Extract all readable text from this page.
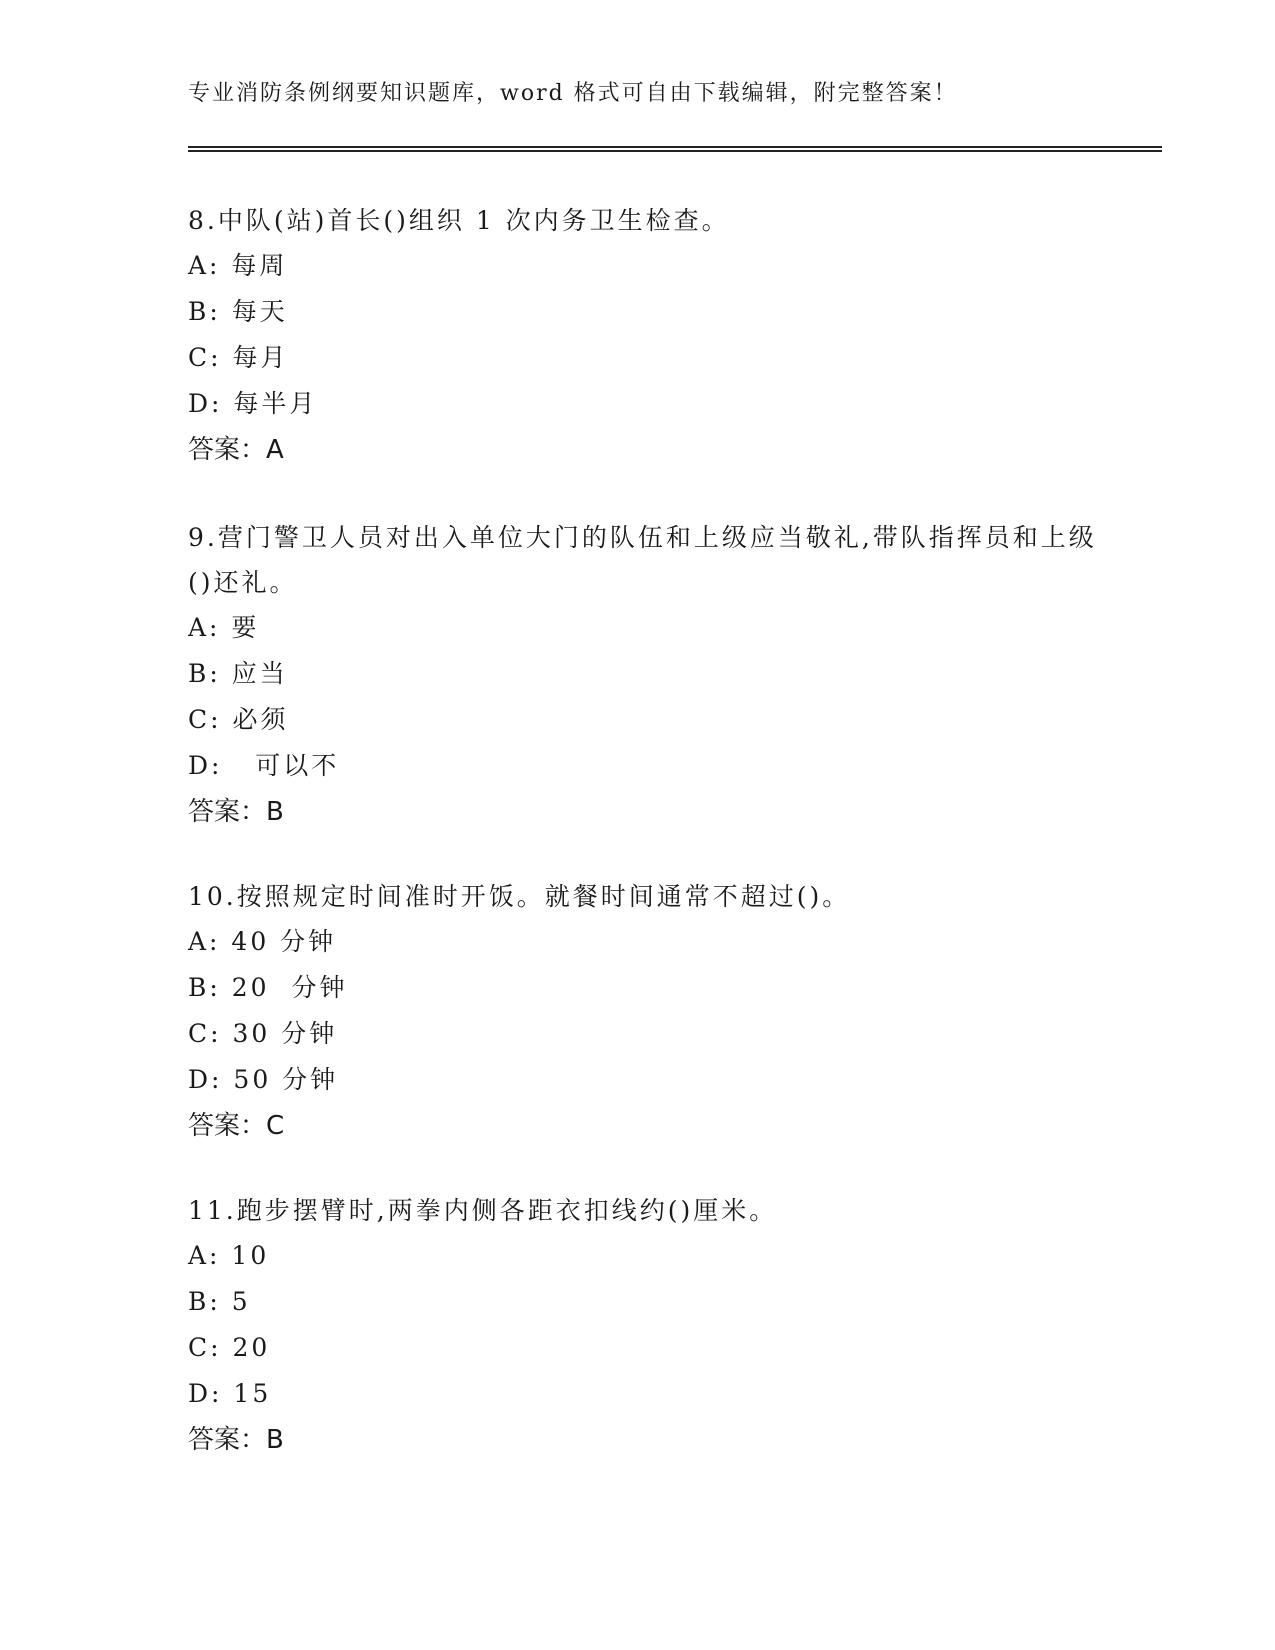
专业消防条例纲要知识题库，word 格式可自由下载编辑，附完整答案！

8.中队(站)首长()组织 1 次内务卫生检查。

A: 每周

B: 每天

C: 每月

D: 每半月

答案：A

9.营门警卫人员对出入单位大门的队伍和上级应当敬礼,带队指挥员和上级()还礼。

A: 要

B: 应当

C: 必须

D:   可以不

答案：B

10.按照规定时间准时开饭。就餐时间通常不超过()。

A: 40 分钟

B: 20  分钟

C: 30 分钟

D: 50 分钟

答案：C

11.跑步摆臂时,两拳内侧各距衣扣线约()厘米。

A: 10

B: 5

C: 20

D: 15

答案：B
